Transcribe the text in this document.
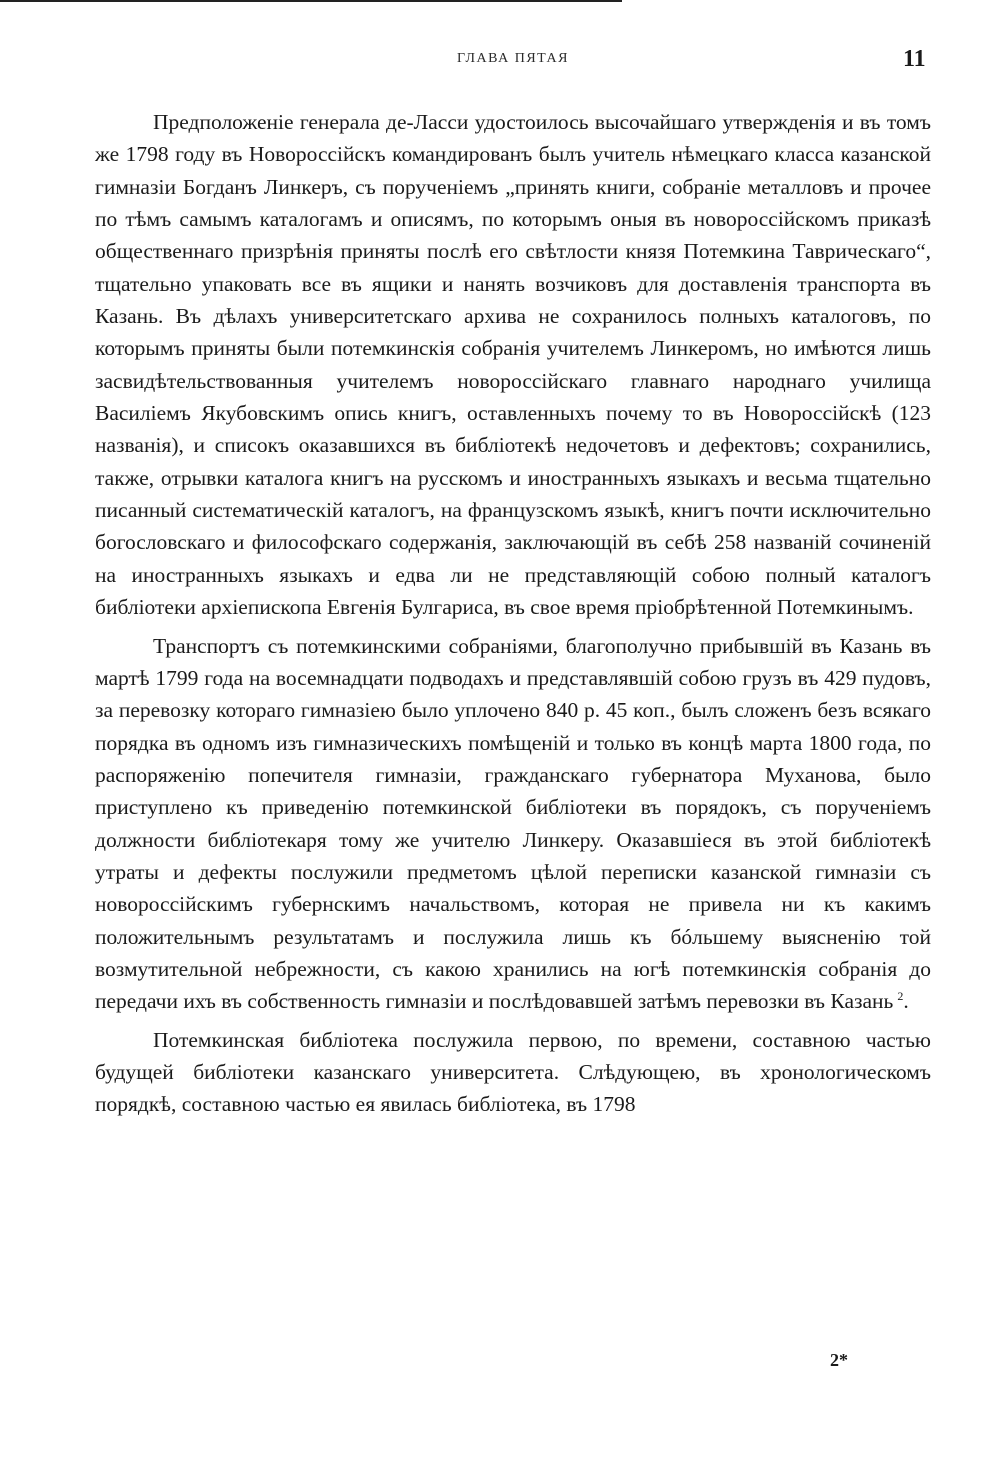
ГЛАВА ПЯТАЯ	11

Предположеніе генерала де-Ласси удостоилось высочайшаго утвержденія и въ томъ же 1798 году въ Новороссійскъ командированъ былъ учитель нѣмецкаго класса казанской гимназіи Богданъ Линкеръ, съ порученіемъ „принять книги, собраніе металловъ и прочее по тѣмъ самымъ каталогамъ и описямъ, по которымъ оныя въ новороссійскомъ приказѣ общественнаго призрѣнія приняты послѣ его свѣтлости князя Потемкина Таврическаго“, тщательно упаковать все въ ящики и нанять возчиковъ для доставленія транспорта въ Казань. Въ дѣлахъ университетскаго архива не сохранилось полныхъ каталоговъ, по которымъ приняты были потемкинскія собранія учителемъ Линкеромъ, но имѣются лишь засвидѣтельствованныя учителемъ новороссійскаго главнаго народнаго училища Василіемъ Якубовскимъ опись книгъ, оставленныхъ почему то въ Новороссійскѣ (123 названія), и списокъ оказавшихся въ библіотекѣ недочетовъ и дефектовъ; сохранились, также, отрывки каталога книгъ на русскомъ и иностранныхъ языкахъ и весьма тщательно писанный систематическій каталогъ, на французскомъ языкѣ, книгъ почти исключительно богословскаго и философскаго содержанія, заключающій въ себѣ 258 названій сочиненій на иностранныхъ языкахъ и едва ли не представляющій собою полный каталогъ библіотеки архіепископа Евгенія Булгариса, въ свое время пріобрѣтенной Потемкинымъ.

Транспортъ съ потемкинскими собраніями, благополучно прибывшій въ Казань въ мартѣ 1799 года на восемнадцати подводахъ и представлявшій собою грузъ въ 429 пудовъ, за перевозку котораго гимназіею было уплочено 840 р. 45 коп., былъ сложенъ безъ всякаго порядка въ одномъ изъ гимназическихъ помѣщеній и только въ концѣ марта 1800 года, по распоряженію попечителя гимназіи, гражданскаго губернатора Муханова, было приступлено къ приведенію потемкинской библіотеки въ порядокъ, съ порученіемъ должности библіотекаря тому же учителю Линкеру. Оказавшіеся въ этой библіотекѣ утраты и дефекты послужили предметомъ цѣлой переписки казанской гимназіи съ новороссійскимъ губернскимъ начальствомъ, которая не привела ни къ какимъ положительнымъ результатамъ и послужила лишь къ бóльшему выясненію той возмутительной небрежности, съ какою хранились на югѣ потемкинскія собранія до передачи ихъ въ собственность гимназіи и послѣдовавшей затѣмъ перевозки въ Казань $^2$.

Потемкинская библіотека послужила первою, по времени, составною частью будущей библіотеки казанскаго университета. Слѣдующею, въ хронологическомъ порядкѣ, составною частью ея явилась библіотека, въ 1798

2*
